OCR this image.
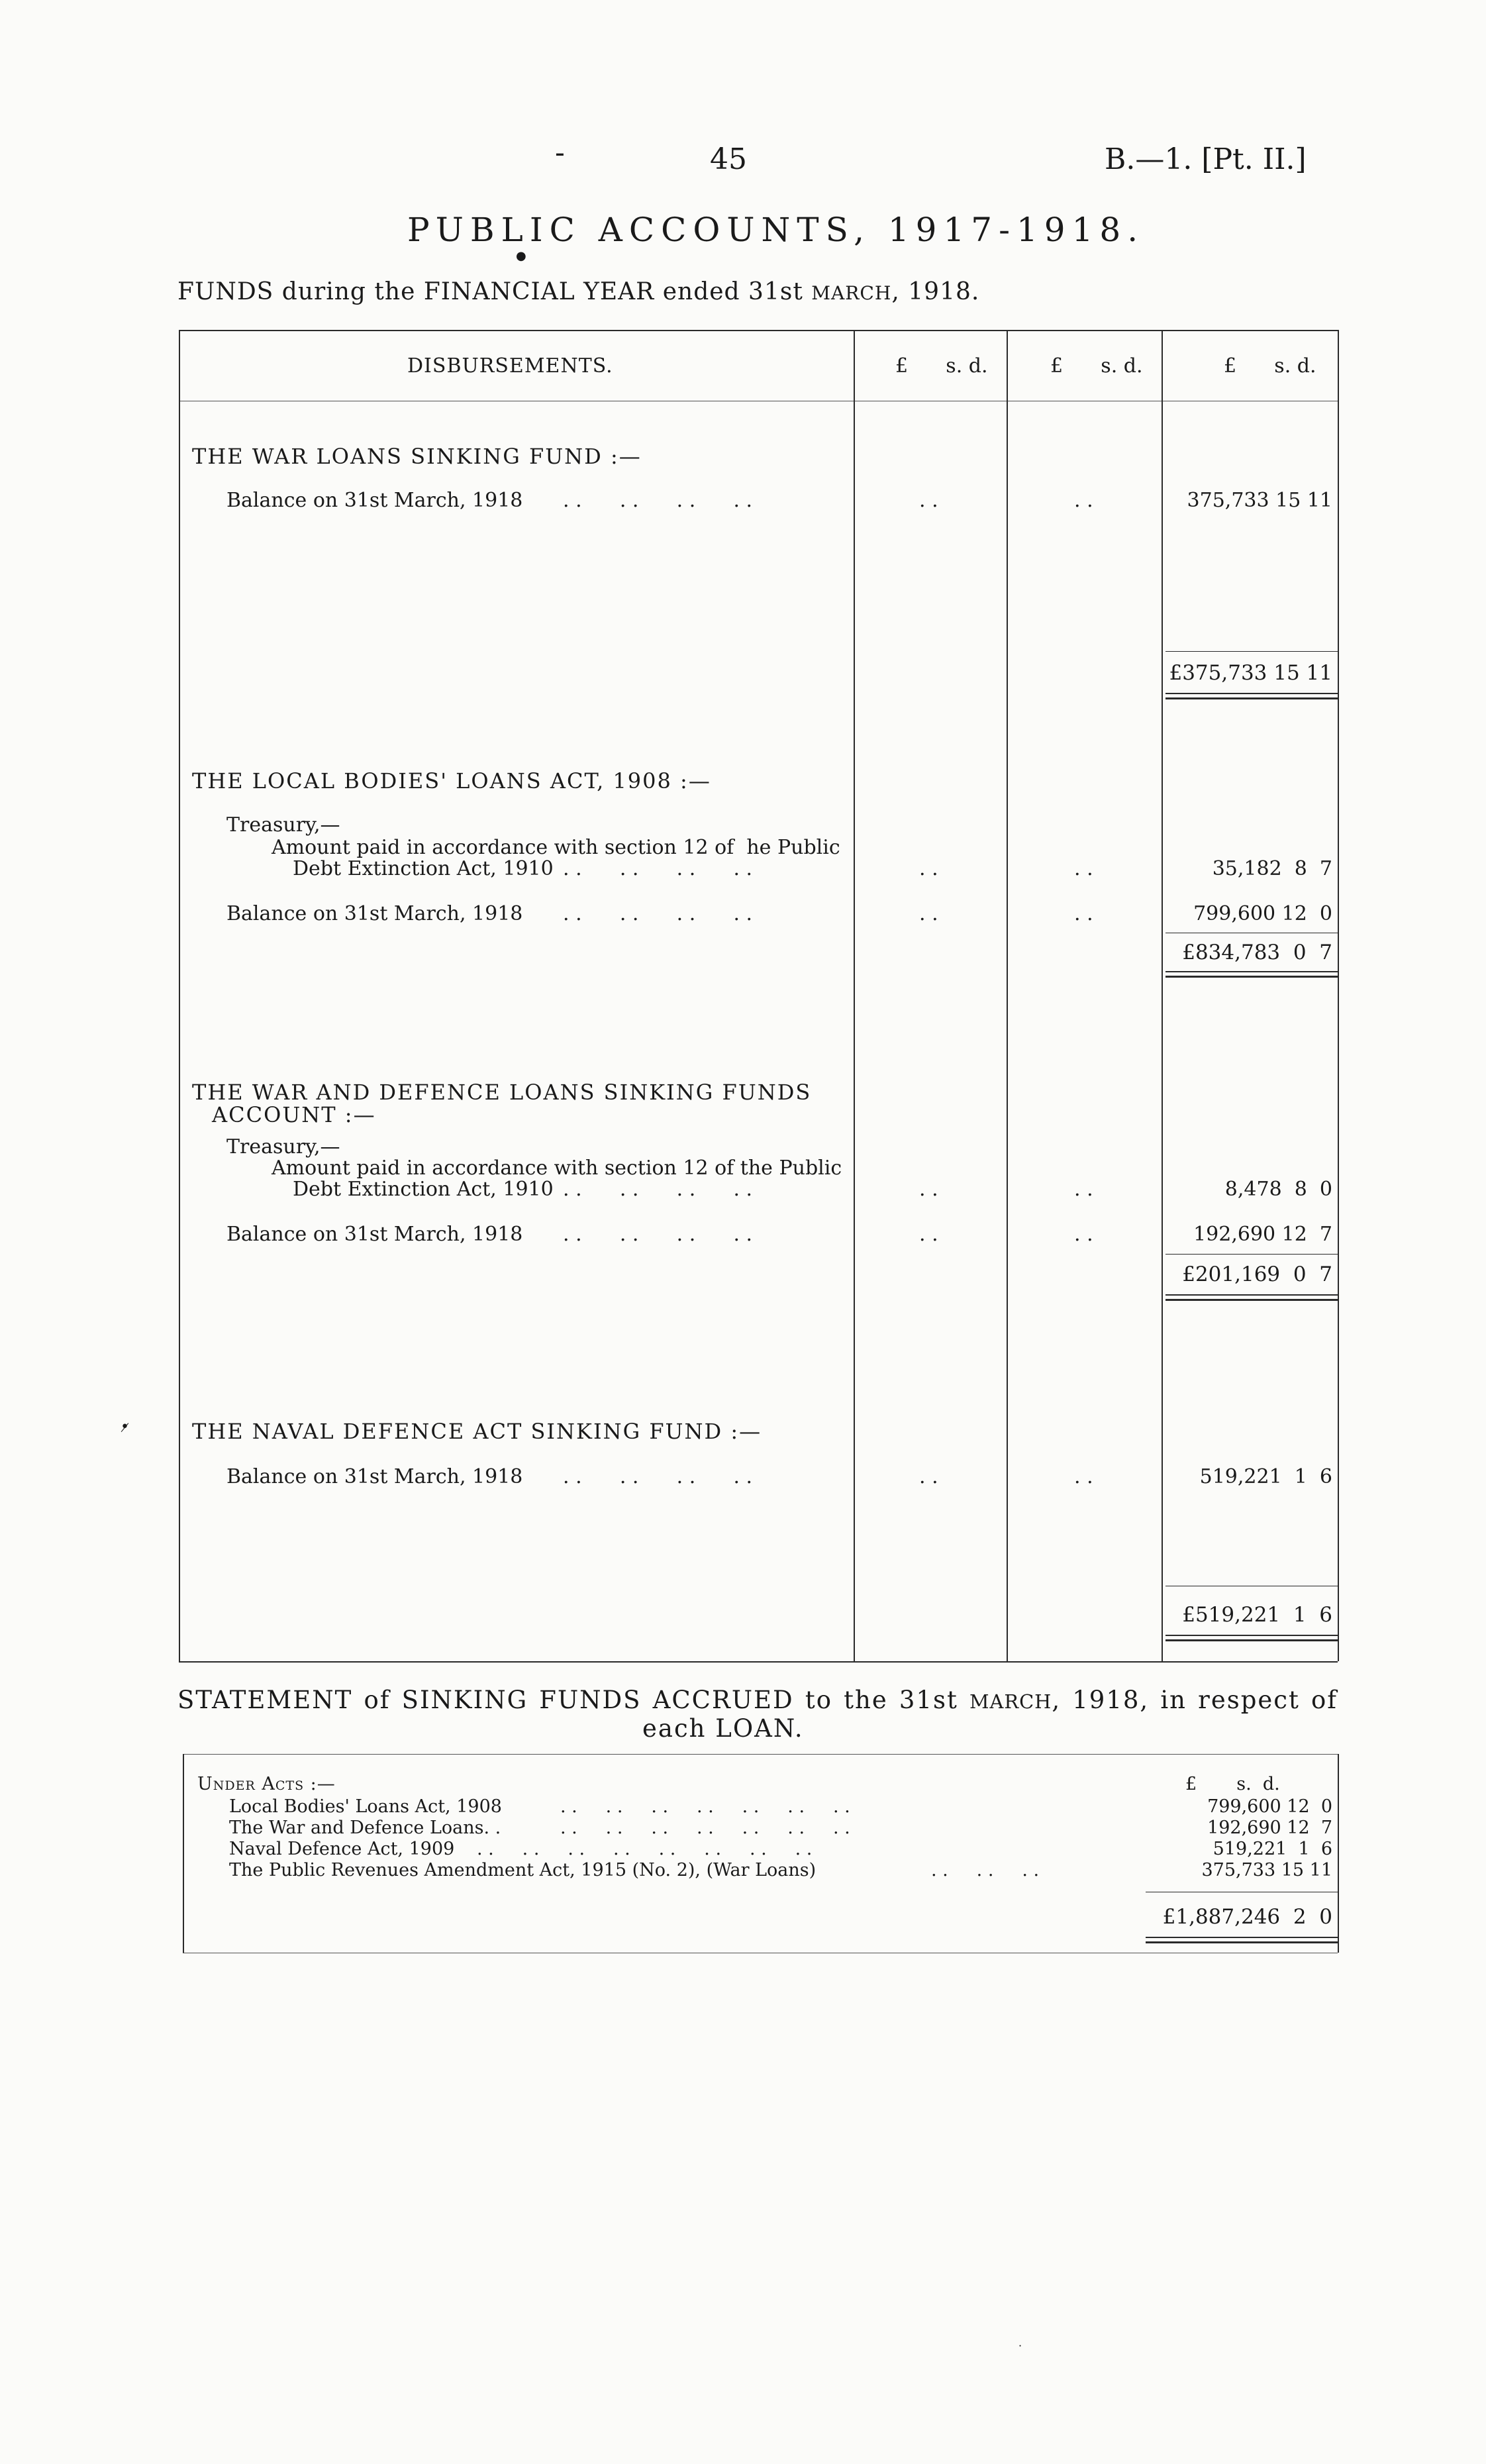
-	45	B.—1. [Pt. II.]
PUBLIC ACCOUNTS, 1917-1918.
●
FUNDS during the FINANCIAL YEAR ended 31st MARCH, 1918.
DISBURSEMENTS.	£      s. d.	£      s. d.	£      s. d.
THE WAR LOANS SINKING FUND :—
Balance on 31st March, 1918 . .      . .      . .      . .	. .	. .	375,733 15 11
£375,733 15 11
THE LOCAL BODIES' LOANS ACT, 1908 :—
Treasury,—
Amount paid in accordance with section 12 of  he Public
Debt Extinction Act, 1910 . .      . .      . .      . .	. .	. .	35,182  8  7
Balance on 31st March, 1918 . .      . .      . .      . .	. .	. .	799,600 12  0
£834,783  0  7
THE WAR AND DEFENCE LOANS SINKING FUNDS
ACCOUNT :—
Treasury,—
Amount paid in accordance with section 12 of the Public
Debt Extinction Act, 1910 . .      . .      . .      . .	. .	. .	8,478  8  0
Balance on 31st March, 1918 . .      . .      . .      . .	. .	. .	192,690 12  7
£201,169  0  7
THE NAVAL DEFENCE ACT SINKING FUND :—
Balance on 31st March, 1918 . .      . .      . .      . .	. .	. .	519,221  1  6
£519,221  1  6
•̷
STATEMENT of SINKING FUNDS ACCRUED to the 31st MARCH, 1918, in respect of
each LOAN.
Under Acts :—	£       s.  d.
Local Bodies' Loans Act, 1908	. .     . .     . .     . .     . .     . .     . .	799,600 12  0
The War and Defence Loans. .	. .     . .     . .     . .     . .     . .     . .	192,690 12  7
Naval Defence Act, 1909 . .     . .     . .     . .     . .     . .     . .     . .	519,221  1  6
The Public Revenues Amendment Act, 1915 (No. 2), (War Loans)	. .     . .     . .	375,733 15 11
£1,887,246  2  0
·
